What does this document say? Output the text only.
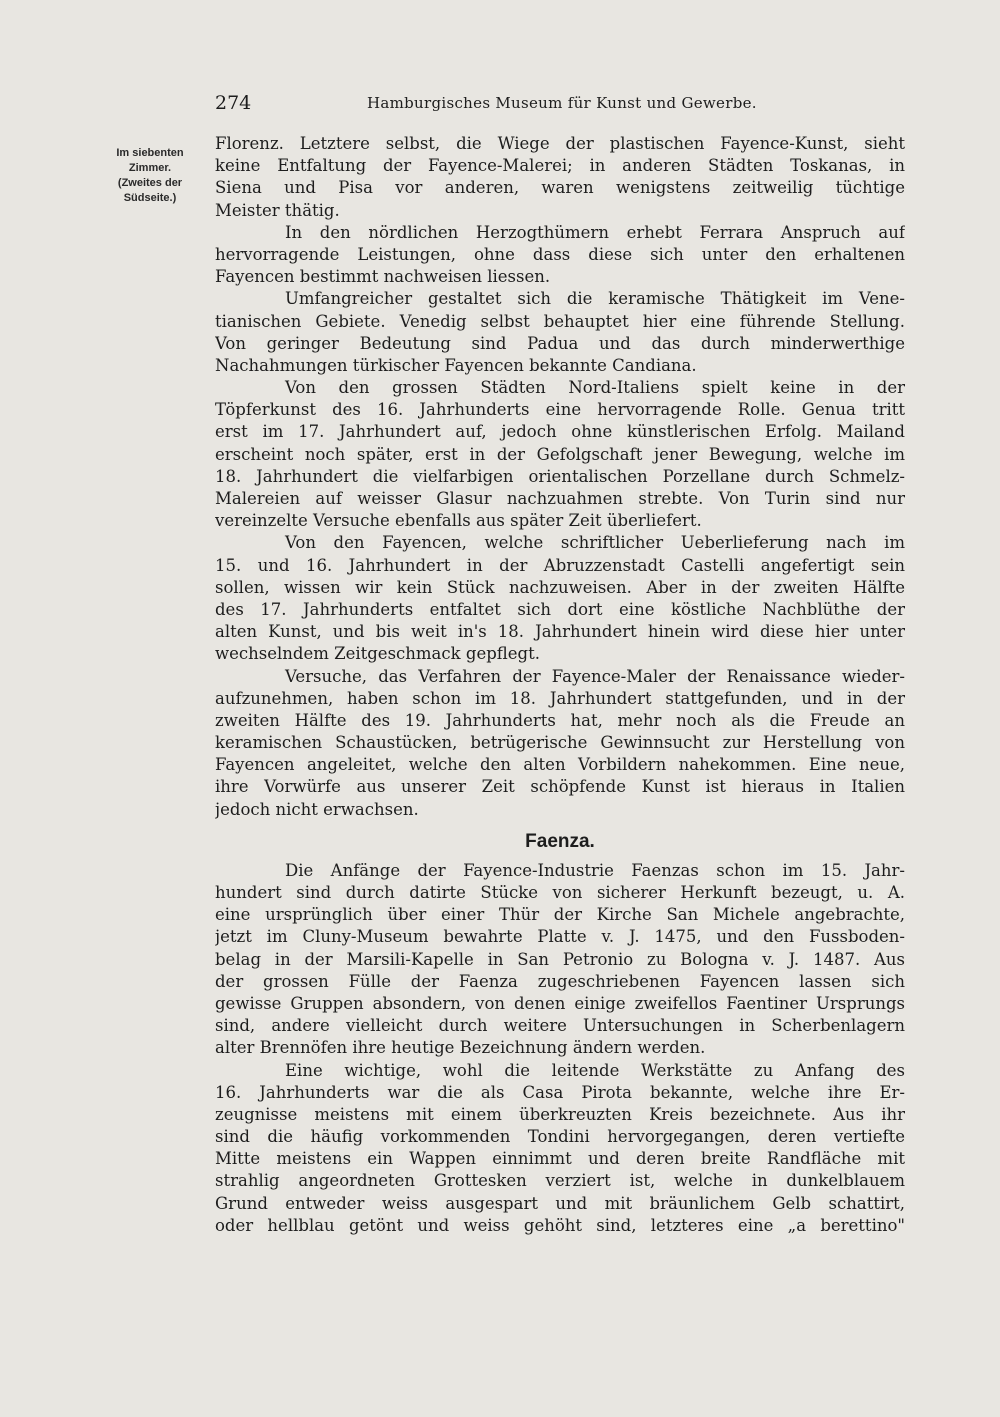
274	Hamburgisches Museum für Kunst und Gewerbe.
Im siebenten
Zimmer.
(Zweites der
Südseite.)
Florenz. Letztere selbst, die Wiege der plastischen Fayence-Kunst, sieht
keine Entfaltung der Fayence-Malerei; in anderen Städten Toskanas, in
Siena und Pisa vor anderen, waren wenigstens zeitweilig tüchtige
Meister thätig.
In den nördlichen Herzogthümern erhebt Ferrara Anspruch auf
hervorragende Leistungen, ohne dass diese sich unter den erhaltenen
Fayencen bestimmt nachweisen liessen.
Umfangreicher gestaltet sich die keramische Thätigkeit im Vene-
tianischen Gebiete. Venedig selbst behauptet hier eine führende Stellung.
Von geringer Bedeutung sind Padua und das durch minderwerthige
Nachahmungen türkischer Fayencen bekannte Candiana.
Von den grossen Städten Nord-Italiens spielt keine in der
Töpferkunst des 16. Jahrhunderts eine hervorragende Rolle. Genua tritt
erst im 17. Jahrhundert auf, jedoch ohne künstlerischen Erfolg. Mailand
erscheint noch später, erst in der Gefolgschaft jener Bewegung, welche im
18. Jahrhundert die vielfarbigen orientalischen Porzellane durch Schmelz-
Malereien auf weisser Glasur nachzuahmen strebte. Von Turin sind nur
vereinzelte Versuche ebenfalls aus später Zeit überliefert.
Von den Fayencen, welche schriftlicher Ueberlieferung nach im
15. und 16. Jahrhundert in der Abruzzenstadt Castelli angefertigt sein
sollen, wissen wir kein Stück nachzuweisen. Aber in der zweiten Hälfte
des 17. Jahrhunderts entfaltet sich dort eine köstliche Nachblüthe der
alten Kunst, und bis weit in's 18. Jahrhundert hinein wird diese hier unter
wechselndem Zeitgeschmack gepflegt.
Versuche, das Verfahren der Fayence-Maler der Renaissance wieder-
aufzunehmen, haben schon im 18. Jahrhundert stattgefunden, und in der
zweiten Hälfte des 19. Jahrhunderts hat, mehr noch als die Freude an
keramischen Schaustücken, betrügerische Gewinnsucht zur Herstellung von
Fayencen angeleitet, welche den alten Vorbildern nahekommen. Eine neue,
ihre Vorwürfe aus unserer Zeit schöpfende Kunst ist hieraus in Italien
jedoch nicht erwachsen.
Faenza.
Die Anfänge der Fayence-Industrie Faenzas schon im 15. Jahr-
hundert sind durch datirte Stücke von sicherer Herkunft bezeugt, u. A.
eine ursprünglich über einer Thür der Kirche San Michele angebrachte,
jetzt im Cluny-Museum bewahrte Platte v. J. 1475, und den Fussboden-
belag in der Marsili-Kapelle in San Petronio zu Bologna v. J. 1487. Aus
der grossen Fülle der Faenza zugeschriebenen Fayencen lassen sich
gewisse Gruppen absondern, von denen einige zweifellos Faentiner Ursprungs
sind, andere vielleicht durch weitere Untersuchungen in Scherbenlagern
alter Brennöfen ihre heutige Bezeichnung ändern werden.
Eine wichtige, wohl die leitende Werkstätte zu Anfang des
16. Jahrhunderts war die als Casa Pirota bekannte, welche ihre Er-
zeugnisse meistens mit einem überkreuzten Kreis bezeichnete. Aus ihr
sind die häufig vorkommenden Tondini hervorgegangen, deren vertiefte
Mitte meistens ein Wappen einnimmt und deren breite Randfläche mit
strahlig angeordneten Grottesken verziert ist, welche in dunkelblauem
Grund entweder weiss ausgespart und mit bräunlichem Gelb schattirt,
oder hellblau getönt und weiss gehöht sind, letzteres eine „a berettino"
